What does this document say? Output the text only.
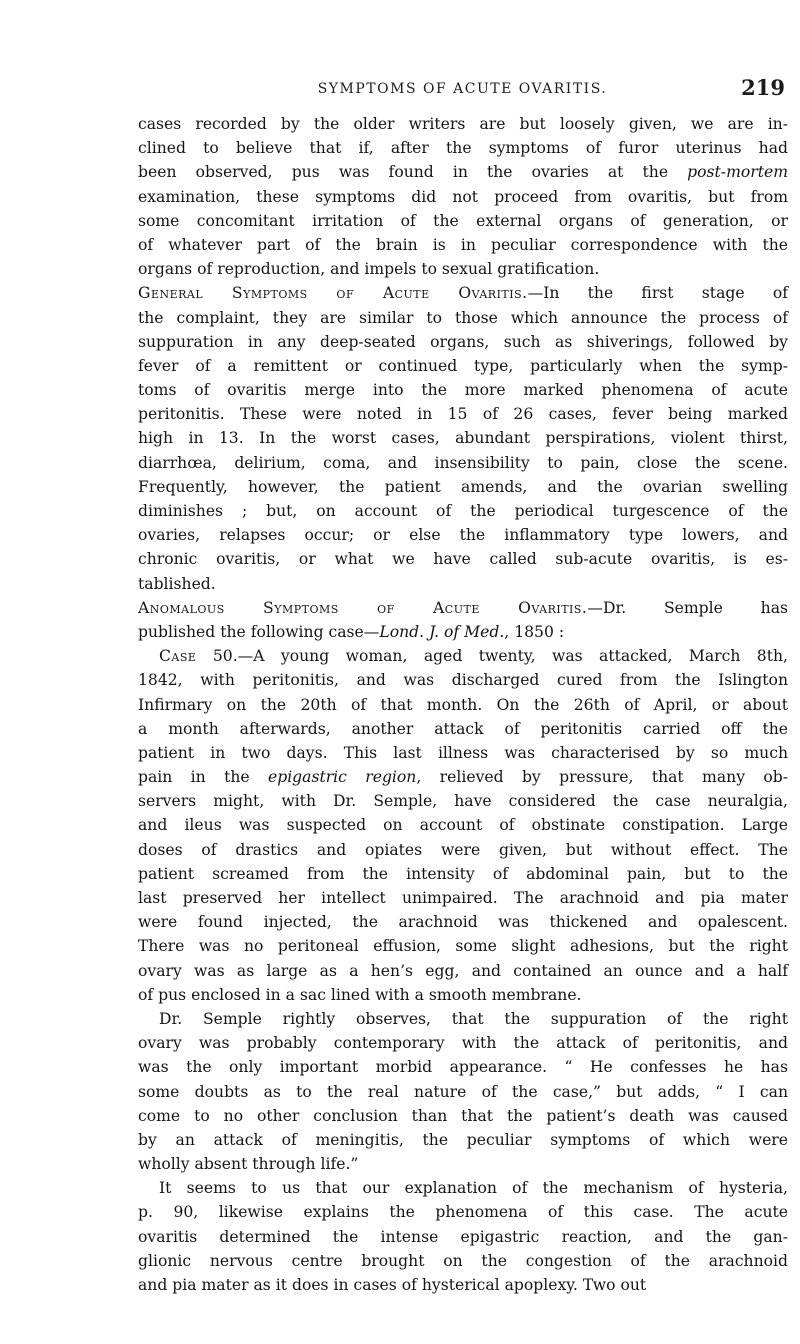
SYMPTOMS OF ACUTE OVARITIS.	219
cases recorded by the older writers are but loosely given, we are in-
clined to believe that if, after the symptoms of furor uterinus had
been observed, pus was found in the ovaries at the post-mortem
examination, these symptoms did not proceed from ovaritis, but from
some concomitant irritation of the external organs of generation, or
of whatever part of the brain is in peculiar correspondence with the
organs of reproduction, and impels to sexual gratification.
General Symptoms of Acute Ovaritis.—In the first stage of
the complaint, they are similar to those which announce the process of
suppuration in any deep-seated organs, such as shiverings, followed by
fever of a remittent or continued type, particularly when the symp-
toms of ovaritis merge into the more marked phenomena of acute
peritonitis. These were noted in 15 of 26 cases, fever being marked
high in 13. In the worst cases, abundant perspirations, violent thirst,
diarrhœa, delirium, coma, and insensibility to pain, close the scene.
Frequently, however, the patient amends, and the ovarian swelling
diminishes ; but, on account of the periodical turgescence of the
ovaries, relapses occur; or else the inflammatory type lowers, and
chronic ovaritis, or what we have called sub-acute ovaritis, is es-
tablished.
Anomalous Symptoms of Acute Ovaritis.—Dr. Semple has
published the following case—Lond. J. of Med., 1850 :
Case 50.—A young woman, aged twenty, was attacked, March 8th,
1842, with peritonitis, and was discharged cured from the Islington
Infirmary on the 20th of that month. On the 26th of April, or about
a month afterwards, another attack of peritonitis carried off the
patient in two days. This last illness was characterised by so much
pain in the epigastric region, relieved by pressure, that many ob-
servers might, with Dr. Semple, have considered the case neuralgia,
and ileus was suspected on account of obstinate constipation. Large
doses of drastics and opiates were given, but without effect. The
patient screamed from the intensity of abdominal pain, but to the
last preserved her intellect unimpaired. The arachnoid and pia mater
were found injected, the arachnoid was thickened and opalescent.
There was no peritoneal effusion, some slight adhesions, but the right
ovary was as large as a hen’s egg, and contained an ounce and a half
of pus enclosed in a sac lined with a smooth membrane.
Dr. Semple rightly observes, that the suppuration of the right
ovary was probably contemporary with the attack of peritonitis, and
was the only important morbid appearance. “ He confesses he has
some doubts as to the real nature of the case,” but adds, “ I can
come to no other conclusion than that the patient’s death was caused
by an attack of meningitis, the peculiar symptoms of which were
wholly absent through life.”
It seems to us that our explanation of the mechanism of hysteria,
p. 90, likewise explains the phenomena of this case. The acute
ovaritis determined the intense epigastric reaction, and the gan-
glionic nervous centre brought on the congestion of the arachnoid
and pia mater as it does in cases of hysterical apoplexy. Two out
